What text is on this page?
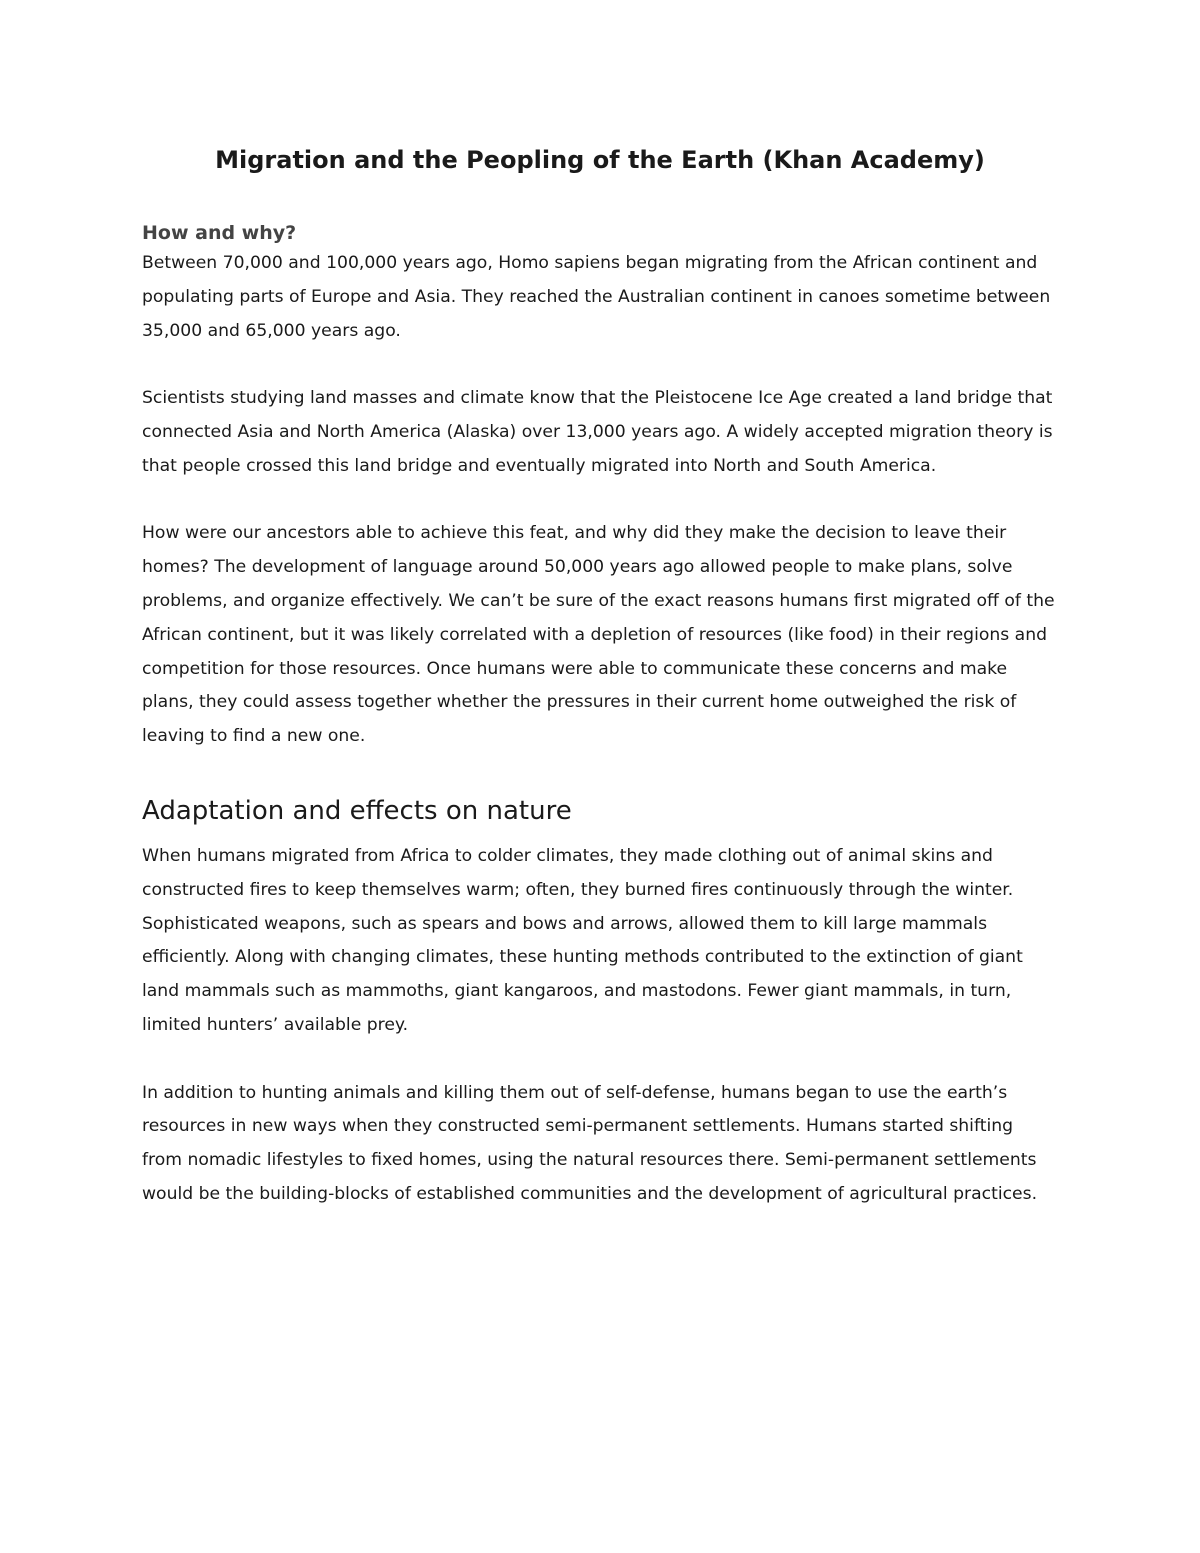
Migration and the Peopling of the Earth (Khan Academy)
How and why?

Between 70,000 and 100,000 years ago, Homo sapiens began migrating from the African continent and populating parts of Europe and Asia. They reached the Australian continent in canoes sometime between 35,000 and 65,000 years ago.

Scientists studying land masses and climate know that the Pleistocene Ice Age created a land bridge that connected Asia and North America (Alaska) over 13,000 years ago. A widely accepted migration theory is that people crossed this land bridge and eventually migrated into North and South America.

How were our ancestors able to achieve this feat, and why did they make the decision to leave their homes? The development of language around 50,000 years ago allowed people to make plans, solve problems, and organize effectively. We can’t be sure of the exact reasons humans first migrated off of the African continent, but it was likely correlated with a depletion of resources (like food) in their regions and competition for those resources. Once humans were able to communicate these concerns and make plans, they could assess together whether the pressures in their current home outweighed the risk of leaving to find a new one.

Adaptation and effects on nature

When humans migrated from Africa to colder climates, they made clothing out of animal skins and constructed fires to keep themselves warm; often, they burned fires continuously through the winter. Sophisticated weapons, such as spears and bows and arrows, allowed them to kill large mammals efficiently. Along with changing climates, these hunting methods contributed to the extinction of giant land mammals such as mammoths, giant kangaroos, and mastodons. Fewer giant mammals, in turn, limited hunters’ available prey.

In addition to hunting animals and killing them out of self-defense, humans began to use the earth’s resources in new ways when they constructed semi-permanent settlements. Humans started shifting from nomadic lifestyles to fixed homes, using the natural resources there. Semi-permanent settlements would be the building-blocks of established communities and the development of agricultural practices.
